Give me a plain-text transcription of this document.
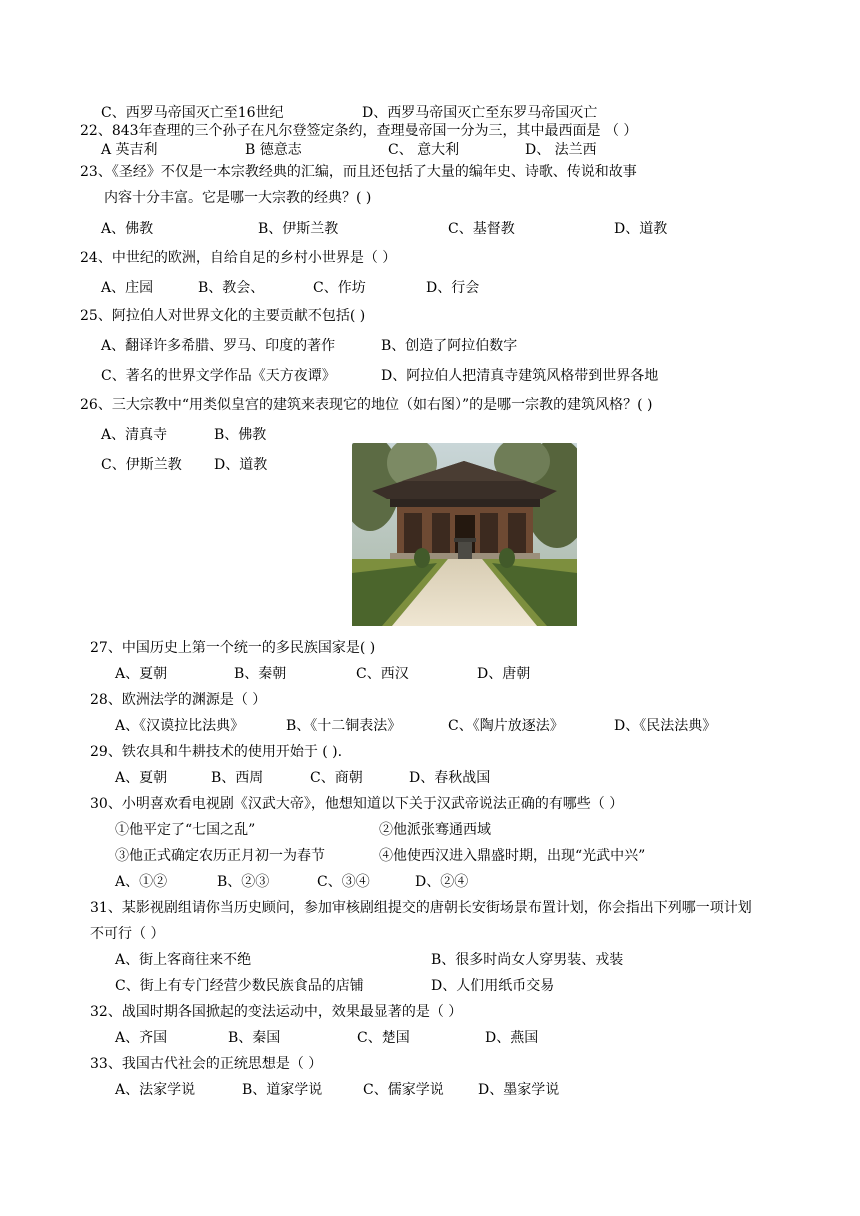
C、西罗马帝国灭亡至16世纪	D、西罗马帝国灭亡至东罗马帝国灭亡
22、843年查理的三个孙子在凡尔登签定条约，查理曼帝国一分为三，其中最西面是 （ ）
A 英吉利	B 德意志	C、 意大利	D、 法兰西
23、《圣经》不仅是一本宗教经典的汇编，而且还包括了大量的编年史、诗歌、传说和故事
内容十分丰富。它是哪一大宗教的经典？( )
A、佛教	B、伊斯兰教	C、基督教	D、道教
24、中世纪的欧洲，自给自足的乡村小世界是（ ）
A、庄园	B、教会、	C、作坊	D、行会
25、阿拉伯人对世界文化的主要贡献不包括( )
A、翻译许多希腊、罗马、印度的著作	B、创造了阿拉伯数字
C、著名的世界文学作品《天方夜谭》	D、阿拉伯人把清真寺建筑风格带到世界各地
26、三大宗教中“用类似皇宫的建筑来表现它的地位（如右图）”的是哪一宗教的建筑风格？( )
A、清真寺	B、佛教
C、伊斯兰教 D、道教
27、中国历史上第一个统一的多民族国家是( )
A、夏朝	B、秦朝	C、西汉	D、唐朝
28、欧洲法学的渊源是（ ）
A、《汉谟拉比法典》	B、《十二铜表法》	C、《陶片放逐法》	D、《民法法典》
29、铁农具和牛耕技术的使用开始于 ( ).
A、夏朝	B、西周	C、商朝	D、春秋战国
30、小明喜欢看电视剧《汉武大帝》，他想知道以下关于汉武帝说法正确的有哪些（ ）
①他平定了“七国之乱”	②他派张骞通西域
③他正式确定农历正月初一为春节	④他使西汉进入鼎盛时期，出现“光武中兴”
A、①②	B、②③	C、③④	D、②④
31、某影视剧组请你当历史顾问，参加审核剧组提交的唐朝长安街场景布置计划，你会指出下列哪一项计划
不可行（ ）
A、街上客商往来不绝	B、很多时尚女人穿男装、戎装
C、街上有专门经营少数民族食品的店铺	D、人们用纸币交易
32、战国时期各国掀起的变法运动中，效果最显著的是（ ）
A、齐国	B、秦国	C、楚国	D、燕国
33、我国古代社会的正统思想是（ ）
A、法家学说	B、道家学说	C、儒家学说 D、墨家学说
